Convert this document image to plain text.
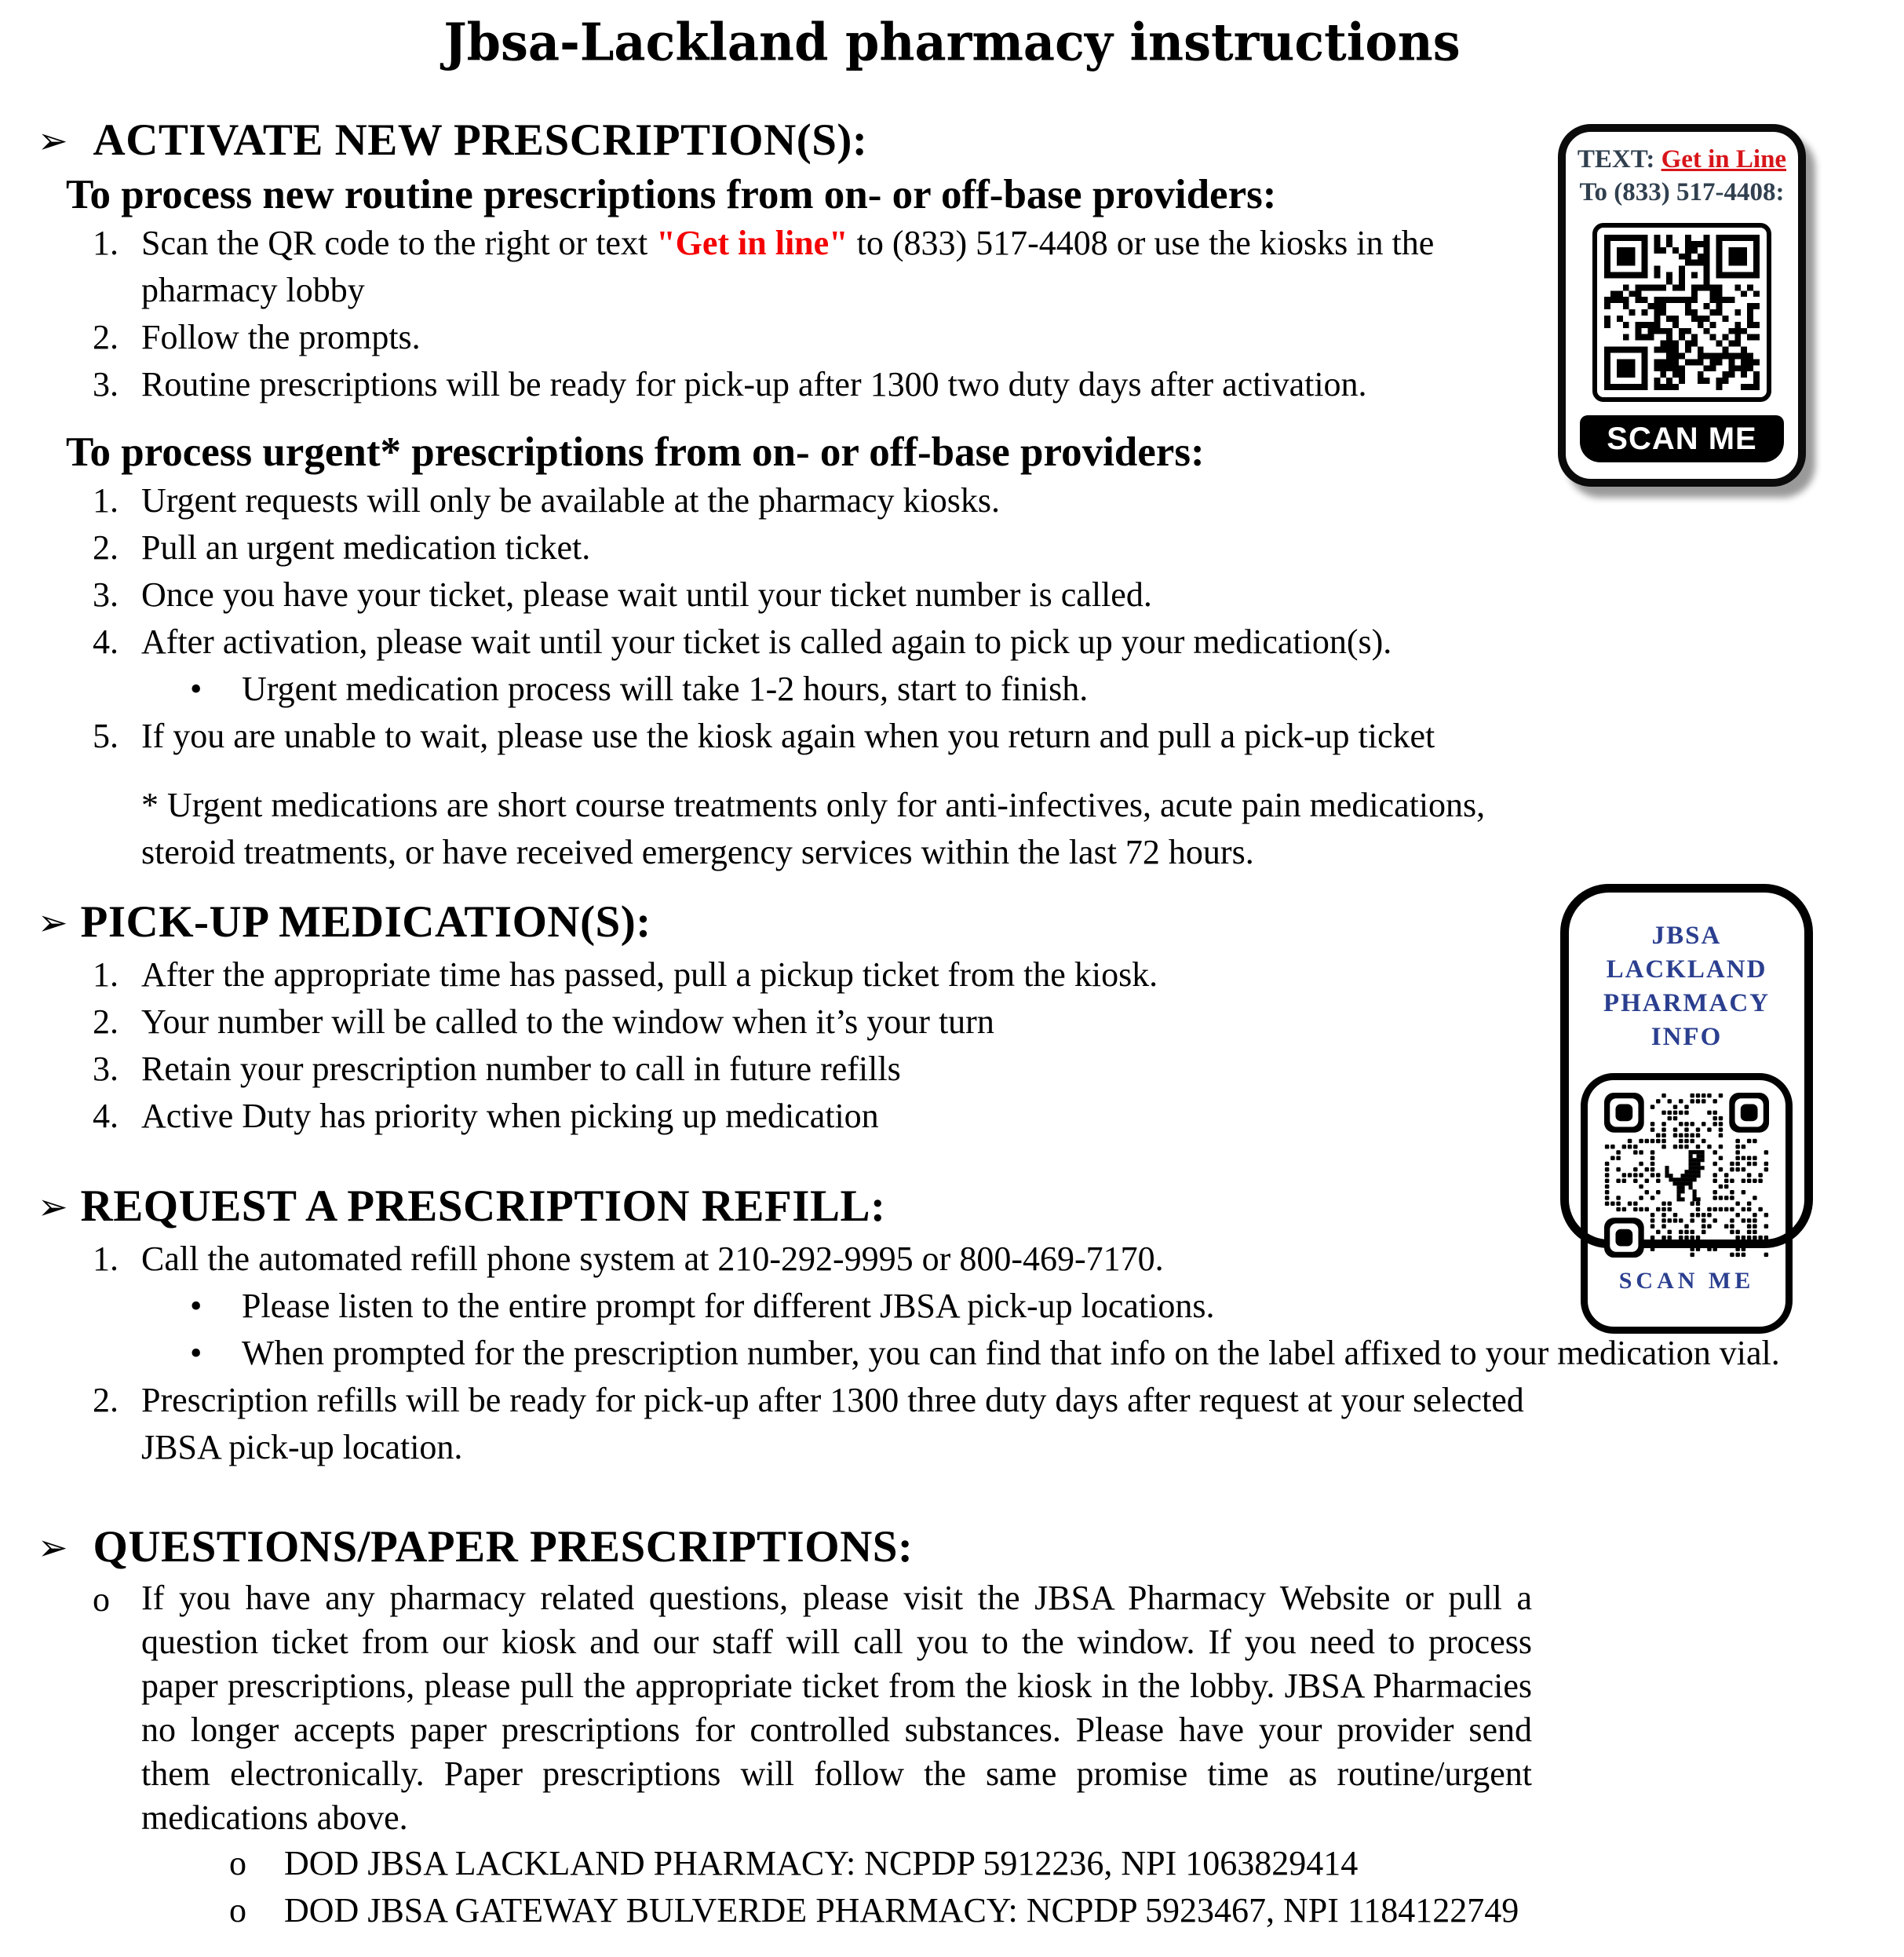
Jbsa-Lackland pharmacy instructions
➢ ACTIVATE NEW PRESCRIPTION(S):
To process new routine prescriptions from on- or off-base providers:
1. Scan the QR code to the right or text "Get in line" to (833) 517-4408 or use the kiosks in the pharmacy lobby
2. Follow the prompts.
3. Routine prescriptions will be ready for pick-up after 1300 two duty days after activation.
To process urgent* prescriptions from on- or off-base providers:
1. Urgent requests will only be available at the pharmacy kiosks.
2. Pull an urgent medication ticket.
3. Once you have your ticket, please wait until your ticket number is called.
4. After activation, please wait until your ticket is called again to pick up your medication(s).
•	Urgent medication process will take 1-2 hours, start to finish.
5. If you are unable to wait, please use the kiosk again when you return and pull a pick-up ticket
* Urgent medications are short course treatments only for anti-infectives, acute pain medications, steroid treatments, or have received emergency services within the last 72 hours.
➢ PICK-UP MEDICATION(S):
1. After the appropriate time has passed, pull a pickup ticket from the kiosk.
2. Your number will be called to the window when it’s your turn
3. Retain your prescription number to call in future refills
4. Active Duty has priority when picking up medication
➢ REQUEST A PRESCRIPTION REFILL:
1. Call the automated refill phone system at 210-292-9995 or 800-469-7170.
•	Please listen to the entire prompt for different JBSA pick-up locations.
•	When prompted for the prescription number, you can find that info on the label affixed to your medication vial.
2. Prescription refills will be ready for pick-up after 1300 three duty days after request at your selected JBSA pick-up location.
➢ QUESTIONS/PAPER PRESCRIPTIONS:
o If you have any pharmacy related questions, please visit the JBSA Pharmacy Website or pull a question ticket from our kiosk and our staff will call you to the window. If you need to process paper prescriptions, please pull the appropriate ticket from the kiosk in the lobby. JBSA Pharmacies no longer accepts paper prescriptions for controlled substances. Please have your provider send them electronically. Paper prescriptions will follow the same promise time as routine/urgent medications above.
o	DOD JBSA LACKLAND PHARMACY: NCPDP 5912236, NPI 1063829414
o	DOD JBSA GATEWAY BULVERDE PHARMACY: NCPDP 5923467, NPI 1184122749
TEXT: Get in Line
To (833) 517-4408:
SCAN ME
JBSA LACKLAND
PHARMACY INFO
SCAN ME
